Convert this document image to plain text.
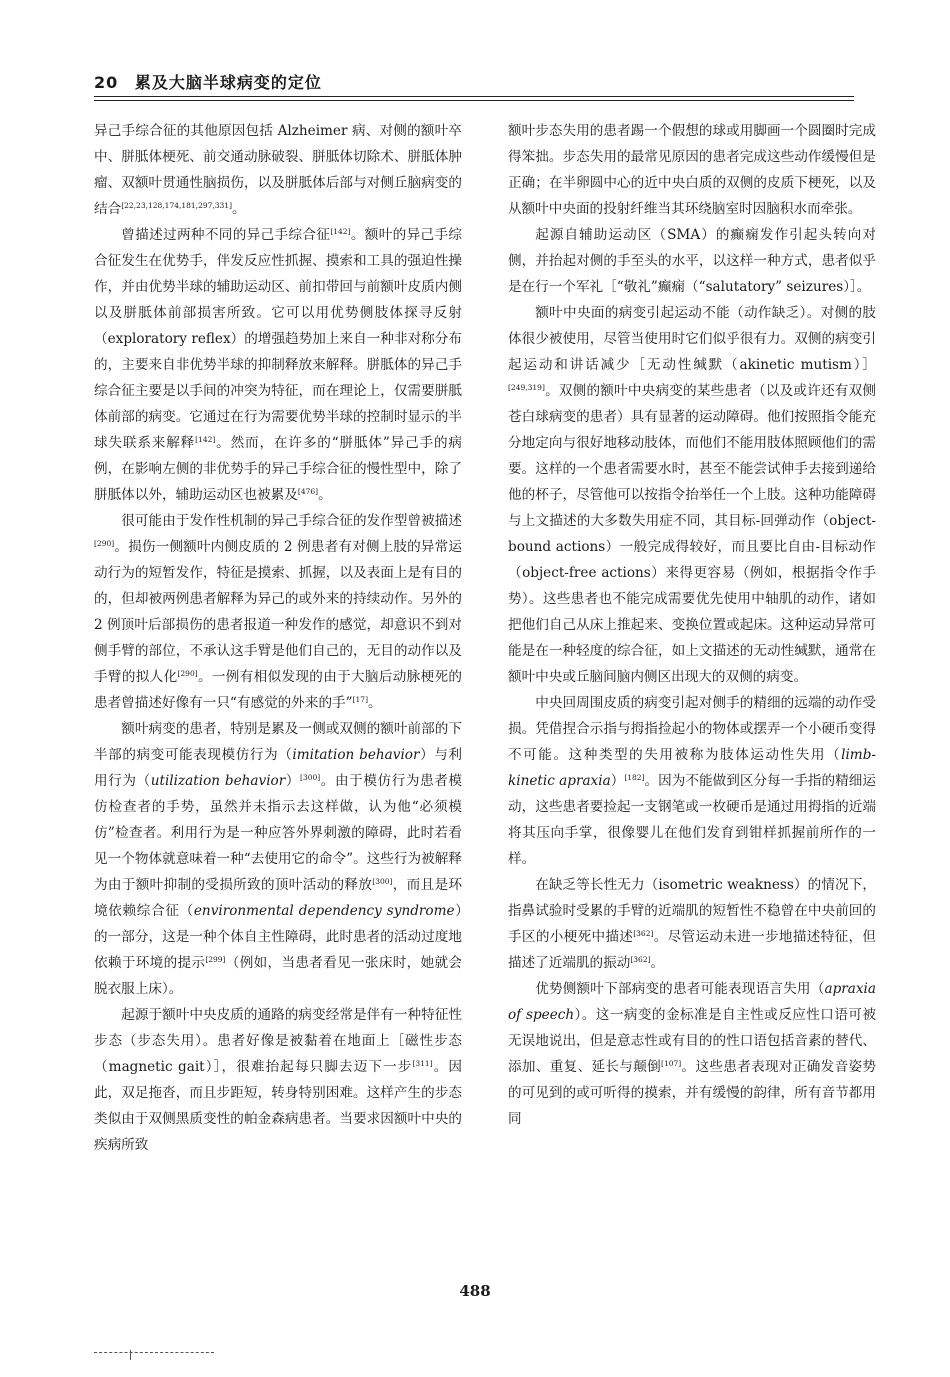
20 累及大脑半球病变的定位

异己手综合征的其他原因包括 Alzheimer 病、对侧的额叶卒中、胼胝体梗死、前交通动脉破裂、胼胝体切除术、胼胝体肿瘤、双额叶贯通性脑损伤，以及胼胝体后部与对侧丘脑病变的结合[22,23,128,174,181,297,331]。

曾描述过两种不同的异己手综合征[142]。额叶的异己手综合征发生在优势手，伴发反应性抓握、摸索和工具的强迫性操作，并由优势半球的辅助运动区、前扣带回与前额叶皮质内侧以及胼胝体前部损害所致。它可以用优势侧肢体探寻反射（exploratory reflex）的增强趋势加上来自一种非对称分布的，主要来自非优势半球的抑制释放来解释。胼胝体的异己手综合征主要是以手间的冲突为特征，而在理论上，仅需要胼胝体前部的病变。它通过在行为需要优势半球的控制时显示的半球失联系来解释[142]。然而，在许多的“胼胝体”异己手的病例，在影响左侧的非优势手的异己手综合征的慢性型中，除了胼胝体以外，辅助运动区也被累及[476]。

很可能由于发作性机制的异己手综合征的发作型曾被描述[290]。损伤一侧额叶内侧皮质的 2 例患者有对侧上肢的异常运动行为的短暂发作，特征是摸索、抓握，以及表面上是有目的的，但却被两例患者解释为异己的或外来的持续动作。另外的 2 例顶叶后部损伤的患者报道一种发作的感觉，却意识不到对侧手臂的部位，不承认这手臂是他们自己的，无目的动作以及手臂的拟人化[290]。一例有相似发现的由于大脑后动脉梗死的患者曾描述好像有一只“有感觉的外来的手”[17]。

额叶病变的患者，特别是累及一侧或双侧的额叶前部的下半部的病变可能表现模仿行为（imitation behavior）与利用行为（utilization behavior）[300]。由于模仿行为患者模仿检查者的手势，虽然并未指示去这样做，认为他“必须模仿”检查者。利用行为是一种应答外界刺激的障碍，此时若看见一个物体就意味着一种“去使用它的命令”。这些行为被解释为由于额叶抑制的受损所致的顶叶活动的释放[300]，而且是环境依赖综合征（environmental dependency syndrome）的一部分，这是一种个体自主性障碍，此时患者的活动过度地依赖于环境的提示[299]（例如，当患者看见一张床时，她就会脱衣服上床）。

起源于额叶中央皮质的通路的病变经常是伴有一种特征性步态（步态失用）。患者好像是被黏着在地面上［磁性步态（magnetic gait）］，很难抬起每只脚去迈下一步[311]。因此，双足拖沓，而且步距短，转身特别困难。这样产生的步态类似由于双侧黑质变性的帕金森病患者。当要求因额叶中央的疾病所致

额叶步态失用的患者踢一个假想的球或用脚画一个圆圈时完成得笨拙。步态失用的最常见原因的患者完成这些动作缓慢但是正确；在半卵圆中心的近中央白质的双侧的皮质下梗死，以及从额叶中央面的投射纤维当其环绕脑室时因脑积水而牵张。

起源自辅助运动区（SMA）的癫痫发作引起头转向对侧，并抬起对侧的手至头的水平，以这样一种方式，患者似乎是在行一个军礼［“敬礼”癫痫（“salutatory” seizures）］。

额叶中央面的病变引起运动不能（动作缺乏）。对侧的肢体很少被使用，尽管当使用时它们似乎很有力。双侧的病变引起运动和讲话减少［无动性缄默（akinetic mutism）］[249,319]。双侧的额叶中央病变的某些患者（以及或许还有双侧苍白球病变的患者）具有显著的运动障碍。他们按照指令能充分地定向与很好地移动肢体，而他们不能用肢体照顾他们的需要。这样的一个患者需要水时，甚至不能尝试伸手去接到递给他的杯子，尽管他可以按指令抬举任一个上肢。这种功能障碍与上文描述的大多数失用症不同，其目标-回弹动作（object-bound actions）一般完成得较好，而且要比自由-目标动作（object-free actions）来得更容易（例如，根据指令作手势）。这些患者也不能完成需要优先使用中轴肌的动作，诸如把他们自己从床上推起来、变换位置或起床。这种运动异常可能是在一种轻度的综合征，如上文描述的无动性缄默，通常在额叶中央或丘脑间脑内侧区出现大的双侧的病变。

中央回周围皮质的病变引起对侧手的精细的远端的动作受损。凭借捏合示指与拇指捡起小的物体或摆弄一个小硬币变得不可能。这种类型的失用被称为肢体运动性失用（limb-kinetic apraxia）[182]。因为不能做到区分每一手指的精细运动，这些患者要捡起一支钢笔或一枚硬币是通过用拇指的近端将其压向手掌，很像婴儿在他们发育到钳样抓握前所作的一样。

在缺乏等长性无力（isometric weakness）的情况下，指鼻试验时受累的手臂的近端肌的短暂性不稳曾在中央前回的手区的小梗死中描述[362]。尽管运动未进一步地描述特征，但描述了近端肌的振动[362]。

优势侧额叶下部病变的患者可能表现语言失用（apraxia of speech）。这一病变的金标准是自主性或反应性口语可被无误地说出，但是意志性或有目的的性口语包括音素的替代、添加、重复、延长与颠倒[107]。这些患者表现对正确发音姿势的可见到的或可听得的摸索，并有缓慢的韵律，所有音节都用同

488
